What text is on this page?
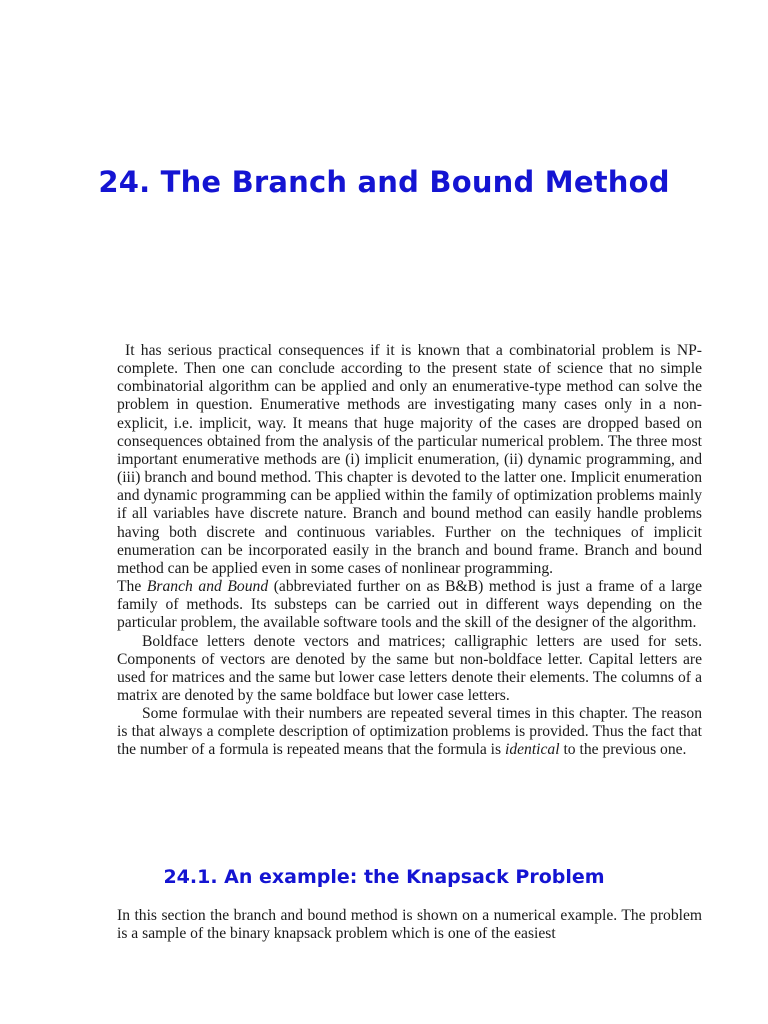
24. The Branch and Bound Method

It has serious practical consequences if it is known that a combinatorial problem is NP-complete. Then one can conclude according to the present state of science that no simple combinatorial algorithm can be applied and only an enumerative-type method can solve the problem in question. Enumerative methods are investigating many cases only in a non-explicit, i.e. implicit, way. It means that huge majority of the cases are dropped based on consequences obtained from the analysis of the particular numerical problem. The three most important enumerative methods are (i) implicit enumeration, (ii) dynamic programming, and (iii) branch and bound method. This chapter is devoted to the latter one. Implicit enumeration and dynamic programming can be applied within the family of optimization problems mainly if all variables have discrete nature. Branch and bound method can easily handle problems having both discrete and continuous variables. Further on the techniques of implicit enumeration can be incorporated easily in the branch and bound frame. Branch and bound method can be applied even in some cases of nonlinear programming.

The Branch and Bound (abbreviated further on as B&B) method is just a frame of a large family of methods. Its substeps can be carried out in different ways depending on the particular problem, the available software tools and the skill of the designer of the algorithm.

Boldface letters denote vectors and matrices; calligraphic letters are used for sets. Components of vectors are denoted by the same but non-boldface letter. Capital letters are used for matrices and the same but lower case letters denote their elements. The columns of a matrix are denoted by the same boldface but lower case letters.

Some formulae with their numbers are repeated several times in this chapter. The reason is that always a complete description of optimization problems is provided. Thus the fact that the number of a formula is repeated means that the formula is identical to the previous one.

24.1. An example: the Knapsack Problem

In this section the branch and bound method is shown on a numerical example. The problem is a sample of the binary knapsack problem which is one of the easiest
